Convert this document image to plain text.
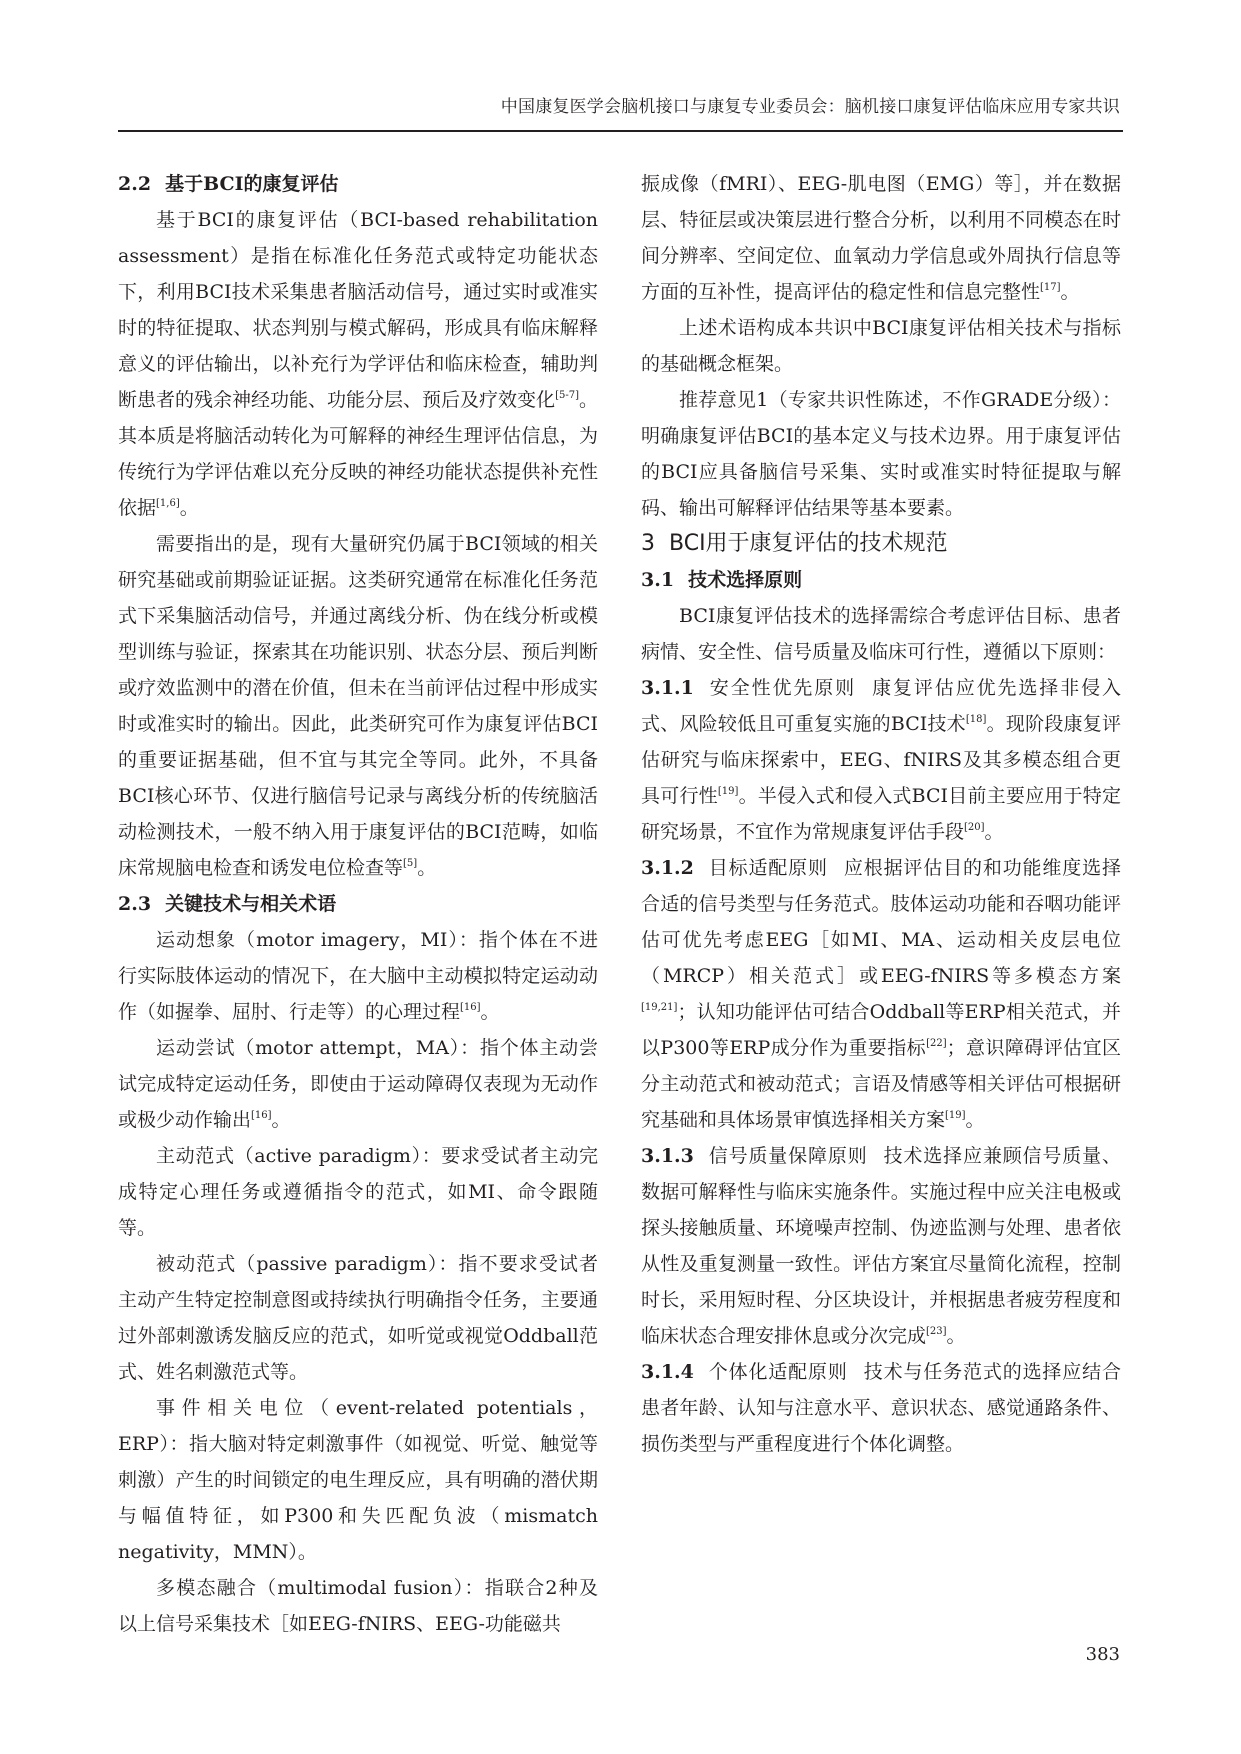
中国康复医学会脑机接口与康复专业委员会：脑机接口康复评估临床应用专家共识

2.2 基于BCI的康复评估

基于BCI的康复评估（BCI-based rehabilitation assessment）是指在标准化任务范式或特定功能状态下，利用BCI技术采集患者脑活动信号，通过实时或准实时的特征提取、状态判别与模式解码，形成具有临床解释意义的评估输出，以补充行为学评估和临床检查，辅助判断患者的残余神经功能、功能分层、预后及疗效变化[5-7]。其本质是将脑活动转化为可解释的神经生理评估信息，为传统行为学评估难以充分反映的神经功能状态提供补充性依据[1,6]。

需要指出的是，现有大量研究仍属于BCI领域的相关研究基础或前期验证证据。这类研究通常在标准化任务范式下采集脑活动信号，并通过离线分析、伪在线分析或模型训练与验证，探索其在功能识别、状态分层、预后判断或疗效监测中的潜在价值，但未在当前评估过程中形成实时或准实时的输出。因此，此类研究可作为康复评估BCI的重要证据基础，但不宜与其完全等同。此外，不具备BCI核心环节、仅进行脑信号记录与离线分析的传统脑活动检测技术，一般不纳入用于康复评估的BCI范畴，如临床常规脑电检查和诱发电位检查等[5]。

2.3 关键技术与相关术语

运动想象（motor imagery，MI）：指个体在不进行实际肢体运动的情况下，在大脑中主动模拟特定运动动作（如握拳、屈肘、行走等）的心理过程[16]。

运动尝试（motor attempt，MA）：指个体主动尝试完成特定运动任务，即使由于运动障碍仅表现为无动作或极少动作输出[16]。

主动范式（active paradigm）：要求受试者主动完成特定心理任务或遵循指令的范式，如MI、命令跟随等。

被动范式（passive paradigm）：指不要求受试者主动产生特定控制意图或持续执行明确指令任务，主要通过外部刺激诱发脑反应的范式，如听觉或视觉Oddball范式、姓名刺激范式等。

事件相关电位（event-related potentials，ERP）：指大脑对特定刺激事件（如视觉、听觉、触觉等刺激）产生的时间锁定的电生理反应，具有明确的潜伏期与幅值特征，如P300和失匹配负波（mismatch negativity，MMN）。

多模态融合（multimodal fusion）：指联合2种及以上信号采集技术［如EEG-fNIRS、EEG-功能磁共

振成像（fMRI）、EEG-肌电图（EMG）等］，并在数据层、特征层或决策层进行整合分析，以利用不同模态在时间分辨率、空间定位、血氧动力学信息或外周执行信息等方面的互补性，提高评估的稳定性和信息完整性[17]。

上述术语构成本共识中BCI康复评估相关技术与指标的基础概念框架。

推荐意见1（专家共识性陈述，不作GRADE分级）：明确康复评估BCI的基本定义与技术边界。用于康复评估的BCI应具备脑信号采集、实时或准实时特征提取与解码、输出可解释评估结果等基本要素。

3 BCI用于康复评估的技术规范

3.1 技术选择原则

BCI康复评估技术的选择需综合考虑评估目标、患者病情、安全性、信号质量及临床可行性，遵循以下原则：

3.1.1 安全性优先原则 康复评估应优先选择非侵入式、风险较低且可重复实施的BCI技术[18]。现阶段康复评估研究与临床探索中，EEG、fNIRS及其多模态组合更具可行性[19]。半侵入式和侵入式BCI目前主要应用于特定研究场景，不宜作为常规康复评估手段[20]。

3.1.2 目标适配原则 应根据评估目的和功能维度选择合适的信号类型与任务范式。肢体运动功能和吞咽功能评估可优先考虑EEG［如MI、MA、运动相关皮层电位（MRCP）相关范式］或EEG-fNIRS等多模态方案[19,21]；认知功能评估可结合Oddball等ERP相关范式，并以P300等ERP成分作为重要指标[22]；意识障碍评估宜区分主动范式和被动范式；言语及情感等相关评估可根据研究基础和具体场景审慎选择相关方案[19]。

3.1.3 信号质量保障原则 技术选择应兼顾信号质量、数据可解释性与临床实施条件。实施过程中应关注电极或探头接触质量、环境噪声控制、伪迹监测与处理、患者依从性及重复测量一致性。评估方案宜尽量简化流程，控制时长，采用短时程、分区块设计，并根据患者疲劳程度和临床状态合理安排休息或分次完成[23]。

3.1.4 个体化适配原则 技术与任务范式的选择应结合患者年龄、认知与注意水平、意识状态、感觉通路条件、损伤类型与严重程度进行个体化调整。

383
